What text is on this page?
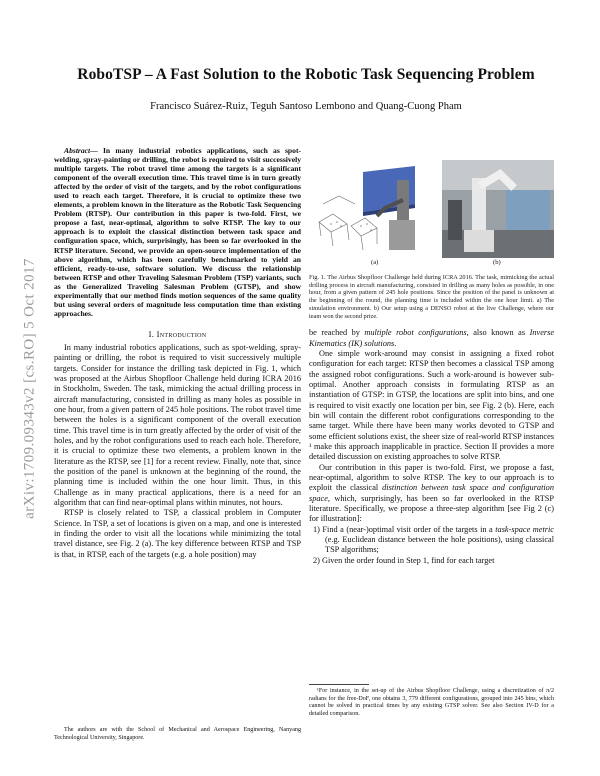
RoboTSP – A Fast Solution to the Robotic Task Sequencing Problem
Francisco Suárez-Ruiz, Teguh Santoso Lembono and Quang-Cuong Pham
arXiv:1709.09343v2 [cs.RO] 5 Oct 2017

Abstract— In many industrial robotics applications, such as spot-welding, spray-painting or drilling, the robot is required to visit successively multiple targets. The robot travel time among the targets is a significant component of the overall execution time. This travel time is in turn greatly affected by the order of visit of the targets, and by the robot configurations used to reach each target. Therefore, it is crucial to optimize these two elements, a problem known in the literature as the Robotic Task Sequencing Problem (RTSP). Our contribution in this paper is two-fold. First, we propose a fast, near-optimal, algorithm to solve RTSP. The key to our approach is to exploit the classical distinction between task space and configuration space, which, surprisingly, has been so far overlooked in the RTSP literature. Second, we provide an open-source implementation of the above algorithm, which has been carefully benchmarked to yield an efficient, ready-to-use, software solution. We discuss the relationship between RTSP and other Traveling Salesman Problem (TSP) variants, such as the Generalized Traveling Salesman Problem (GTSP), and show experimentally that our method finds motion sequences of the same quality but using several orders of magnitude less computation time than existing approaches.

I. Introduction

In many industrial robotics applications, such as spot-welding, spray-painting or drilling, the robot is required to visit successively multiple targets. Consider for instance the drilling task depicted in Fig. 1, which was proposed at the Airbus Shopfloor Challenge held during ICRA 2016 in Stockholm, Sweden. The task, mimicking the actual drilling process in aircraft manufacturing, consisted in drilling as many holes as possible in one hour, from a given pattern of 245 hole positions. The robot travel time between the holes is a significant component of the overall execution time. This travel time is in turn greatly affected by the order of visit of the holes, and by the robot configurations used to reach each hole. Therefore, it is crucial to optimize these two elements, a problem known in the literature as the RTSP, see [1] for a recent review. Finally, note that, since the position of the panel is unknown at the beginning of the round, the planning time is included within the one hour limit. Thus, in this Challenge as in many practical applications, there is a need for an algorithm that can find near-optimal plans within minutes, not hours.

RTSP is closely related to TSP, a classical problem in Computer Science. In TSP, a set of locations is given on a map, and one is interested in finding the order to visit all the locations while minimizing the total travel distance, see Fig. 2 (a). The key difference between RTSP and TSP is that, in RTSP, each of the targets (e.g. a hole position) may

The authors are with the School of Mechanical and Aerospace Engineering, Nanyang Technological University, Singapore.
(a)	(b)

Fig. 1. The Airbus Shopfloor Challenge held during ICRA 2016. The task, mimicking the actual drilling process in aircraft manufacturing, consisted in drilling as many holes as possible, in one hour, from a given pattern of 245 hole positions. Since the position of the panel is unknown at the beginning of the round, the planning time is included within the one hour limit. a) The simulation environment. b) Our setup using a DENSO robot at the live Challenge, where our team won the second prize.

be reached by multiple robot configurations, also known as Inverse Kinematics (IK) solutions.

One simple work-around may consist in assigning a fixed robot configuration for each target: RTSP then becomes a classical TSP among the assigned robot configurations. Such a work-around is however sub-optimal. Another approach consists in formulating RTSP as an instantiation of GTSP: in GTSP, the locations are split into bins, and one is required to visit exactly one location per bin, see Fig. 2 (b). Here, each bin will contain the different robot configurations corresponding to the same target. While there have been many works devoted to GTSP and some efficient solutions exist, the sheer size of real-world RTSP instances ¹ make this approach inapplicable in practice. Section II provides a more detailed discussion on existing approaches to solve RTSP.

Our contribution in this paper is two-fold. First, we propose a fast, near-optimal, algorithm to solve RTSP. The key to our approach is to exploit the classical distinction between task space and configuration space, which, surprisingly, has been so far overlooked in the RTSP literature. Specifically, we propose a three-step algorithm [see Fig 2 (c) for illustration]:

1) Find a (near-)optimal visit order of the targets in a task-space metric (e.g. Euclidean distance between the hole positions), using classical TSP algorithms;

2) Given the order found in Step 1, find for each target

¹For instance, in the set-up of the Airbus Shopfloor Challenge, using a discretization of π/2 radians for the free-DoF, one obtains 3, 779 different configurations, grouped into 245 bins, which cannot be solved in practical times by any existing GTSP solver. See also Section IV-D for a detailed comparison.
